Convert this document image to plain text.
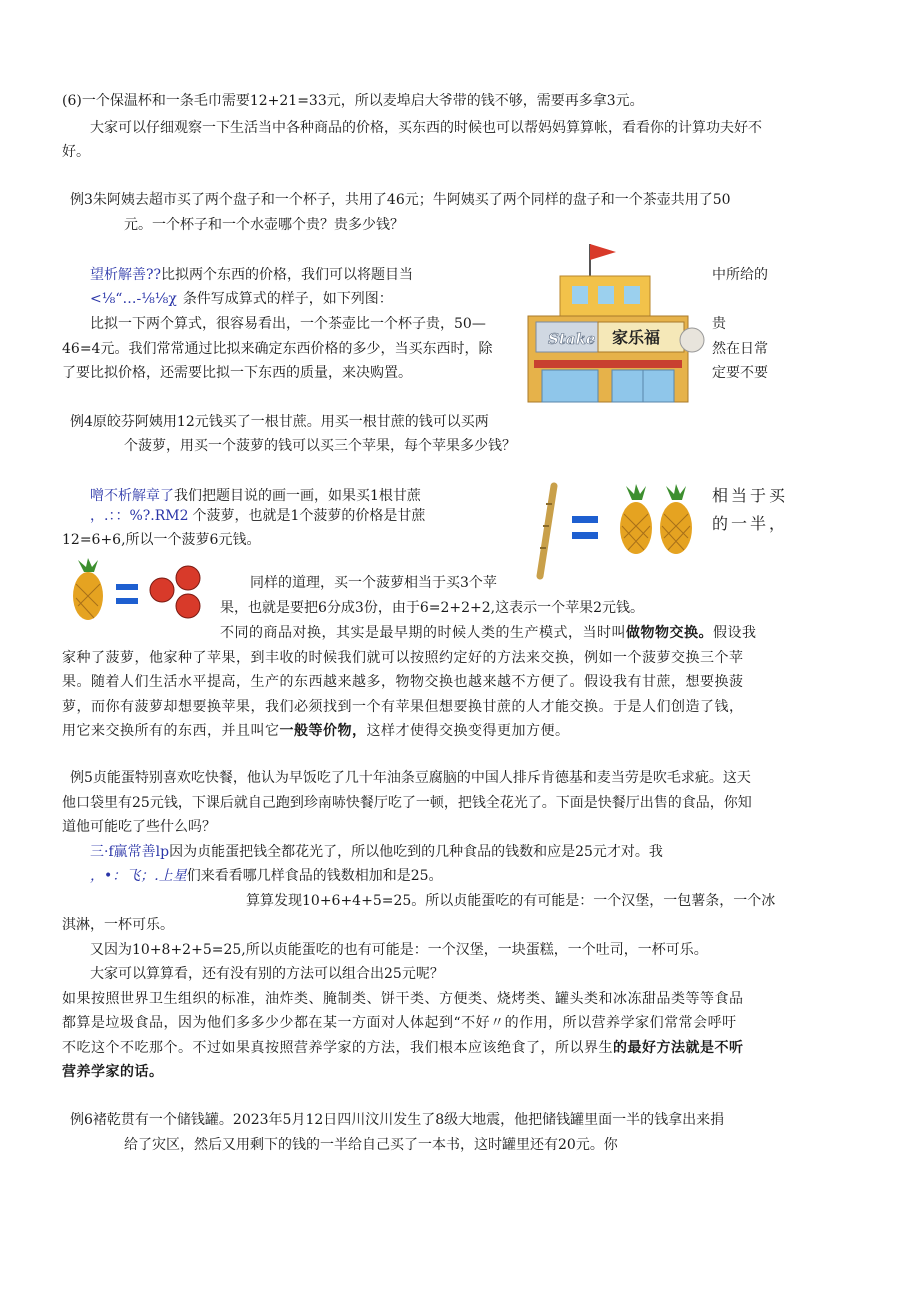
(6)一个保温杯和一条毛巾需要12+21=33元，所以麦埠启大爷带的钱不够，需要再多拿3元。
大家可以仔细观察一下生活当中各种商品的价格，买东西的时候也可以帮妈妈算算帐，看看你的计算功夫好不
好。
例3朱阿姨去超市买了两个盘子和一个杯子，共用了46元；牛阿姨买了两个同样的盘子和一个茶壶共用了50
元。一个杯子和一个水壶哪个贵？贵多少钱？
望析解善??比拟两个东西的价格，我们可以将题目当	中所给的
<⅛“…-⅛⅛χ 条件写成算式的样子，如下列图：
比拟一下两个算式，很容易看出，一个茶壶比一个杯子贵，50—	贵
46=4元。我们常常通过比拟来确定东西价格的多少，当买东西时，除	然在日常
了要比拟价格，还需要比拟一下东西的质量，来决购置。	定要不要
Stake 家乐福
例4原皎芬阿姨用12元钱买了一根甘蔗。用买一根甘蔗的钱可以买两
个菠萝，用买一个菠萝的钱可以买三个苹果，每个苹果多少钱？
噌不析解章了我们把题目说的画一画，如果买1根甘蔗	相当于买
，.：：%?.RM2 个菠萝，也就是1个菠萝的价格是甘蔗	的一半，
12=6+6,所以一个菠萝6元钱。
同样的道理，买一个菠萝相当于买3个苹
果，也就是要把6分成3份，由于6=2+2+2,这表示一个苹果2元钱。
不同的商品对换，其实是最早期的时候人类的生产模式，当时叫做物物交换。假设我
家种了菠萝，他家种了苹果，到丰收的时候我们就可以按照约定好的方法来交换，例如一个菠萝交换三个苹
果。随着人们生活水平提高，生产的东西越来越多，物物交换也越来越不方便了。假设我有甘蔗，想要换菠
萝，而你有菠萝却想要换苹果，我们必须找到一个有苹果但想要换甘蔗的人才能交换。于是人们创造了钱，
用它来交换所有的东西，并且叫它一般等价物，这样才使得交换变得更加方便。
例5贞能蛋特别喜欢吃快餐，他认为早饭吃了几十年油条豆腐脑的中国人排斥肯德基和麦当劳是吹毛求疵。这天
他口袋里有25元钱，下课后就自己跑到珍南哧快餐厅吃了一顿，把钱全花光了。下面是快餐厅出售的食品，你知
道他可能吃了些什么吗？
三·f赢常善lp因为贞能蛋把钱全都花光了，所以他吃到的几种食品的钱数和应是25元才对。我
，•：飞；.上星们来看看哪几样食品的钱数相加和是25。
算算发现10+6+4+5=25。所以贞能蛋吃的有可能是：一个汉堡，一包薯条，一个冰
淇淋，一杯可乐。
又因为10+8+2+5=25,所以贞能蛋吃的也有可能是：一个汉堡，一块蛋糕，一个吐司，一杯可乐。
大家可以算算看，还有没有别的方法可以组合出25元呢？
如果按照世界卫生组织的标准，油炸类、腌制类、饼干类、方便类、烧烤类、罐头类和冰冻甜品类等等食品
都算是垃圾食品，因为他们多多少少都在某一方面对人体起到“不好〃的作用，所以营养学家们常常会呼吁
不吃这个不吃那个。不过如果真按照营养学家的方法，我们根本应该绝食了，所以界生的最好方法就是不听
营养学家的话。
例6褚乾贯有一个储钱罐。2023年5月12日四川汶川发生了8级大地震，他把储钱罐里面一半的钱拿出来捐
给了灾区，然后又用剩下的钱的一半给自己买了一本书，这时罐里还有20元。你
